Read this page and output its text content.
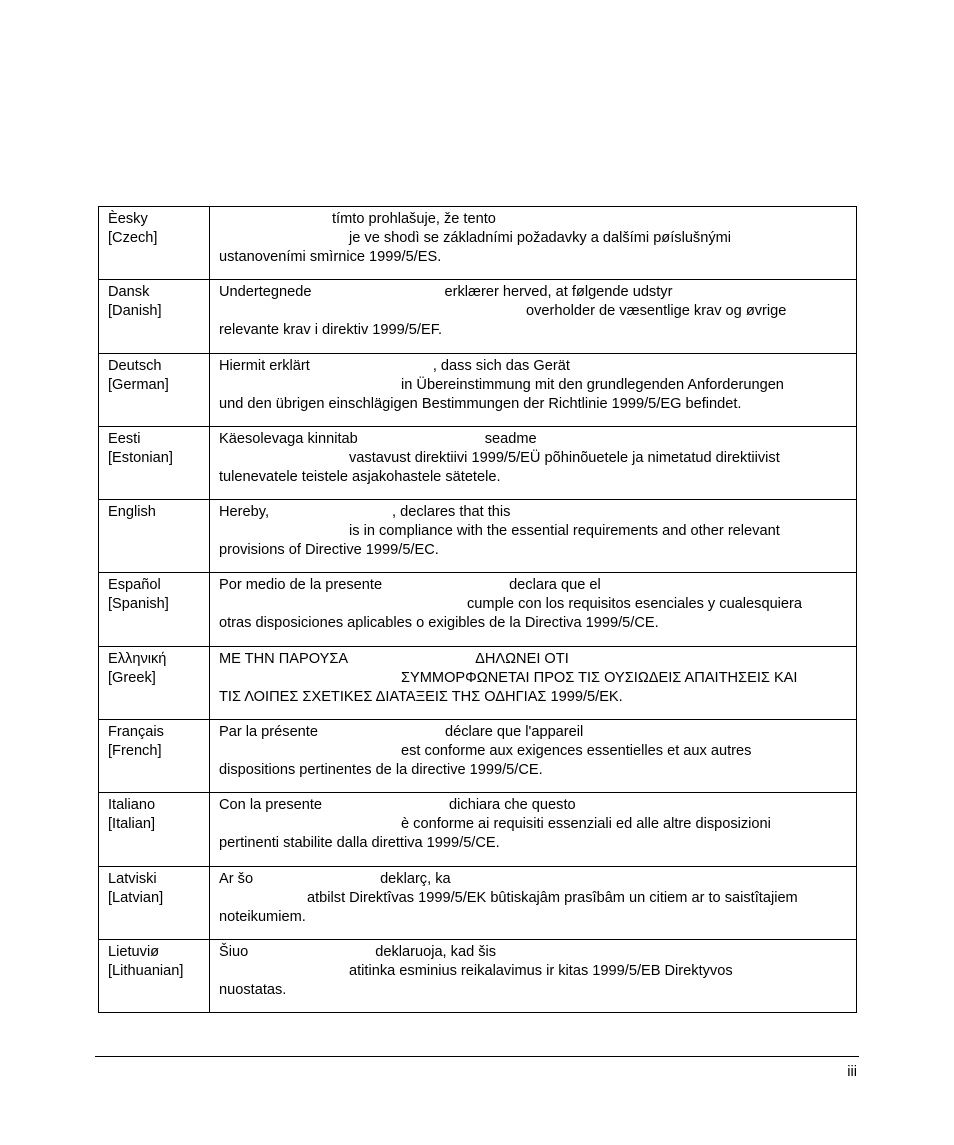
Èesky
[Czech]	tímto prohlašuje, že tento
je ve shodì se základními požadavky a dalšími pøíslušnými
ustanoveními smìrnice 1999/5/ES.

Dansk
[Danish]	Undertegnede erklærer herved, at følgende udstyr
overholder de væsentlige krav og øvrige
relevante krav i direktiv 1999/5/EF.

Deutsch
[German]	Hiermit erklärt , dass sich das Gerät
in Übereinstimmung mit den grundlegenden Anforderungen
und den übrigen einschlägigen Bestimmungen der Richtlinie 1999/5/EG befindet.

Eesti
[Estonian]	Käesolevaga kinnitab seadme
vastavust direktiivi 1999/5/EÜ põhinõuetele ja nimetatud direktiivist
tulenevatele teistele asjakohastele sätetele.

English	Hereby, , declares that this
is in compliance with the essential requirements and other relevant
provisions of Directive 1999/5/EC.

Español
[Spanish]	Por medio de la presente declara que el
cumple con los requisitos esenciales y cualesquiera
otras disposiciones aplicables o exigibles de la Directiva 1999/5/CE.

Ελληνική
[Greek]	ΜΕ ΤΗΝ ΠΑΡΟΥΣΑ ΔΗΛΩΝΕΙ ΟΤΙ
ΣΥΜΜΟΡΦΩΝΕΤΑΙ ΠΡΟΣ ΤΙΣ ΟΥΣΙΩΔΕΙΣ ΑΠΑΙΤΗΣΕΙΣ ΚΑΙ
ΤΙΣ ΛΟΙΠΕΣ ΣΧΕΤΙΚΕΣ ΔΙΑΤΑΞΕΙΣ ΤΗΣ ΟΔΗΓΙΑΣ 1999/5/ΕΚ.

Français
[French]	Par la présente déclare que l'appareil
est conforme aux exigences essentielles et aux autres
dispositions pertinentes de la directive 1999/5/CE.

Italiano
[Italian]	Con la presente dichiara che questo
è conforme ai requisiti essenziali ed alle altre disposizioni
pertinenti stabilite dalla direttiva 1999/5/CE.

Latviski
[Latvian]	Ar šo deklarç, ka
atbilst Direktîvas 1999/5/EK bûtiskajâm prasîbâm un citiem ar to saistîtajiem
noteikumiem.

Lietuviø
[Lithuanian]	Šiuo deklaruoja, kad šis
atitinka esminius reikalavimus ir kitas 1999/5/EB Direktyvos
nuostatas.
iii
